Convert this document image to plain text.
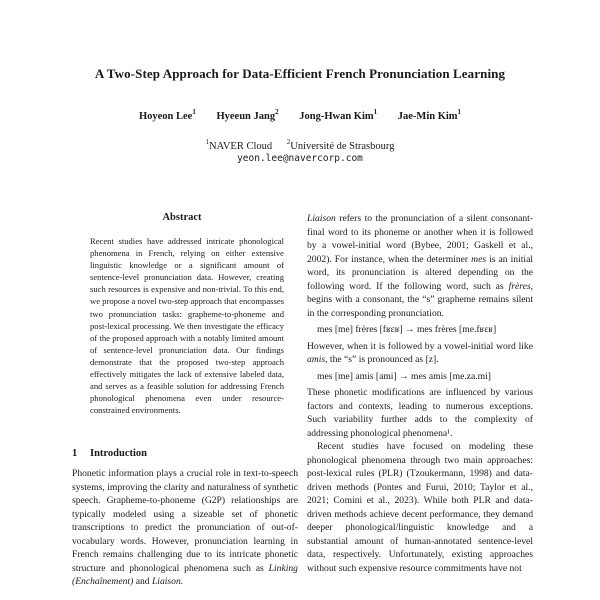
A Two-Step Approach for Data-Efficient French Pronunciation Learning
Hoyeon Lee$^1$ Hyeeun Jang$^2$ Jong-Hwan Kim$^1$ Jae-Min Kim$^1$
$^1$NAVER Cloud $^2$Université de Strasbourg
yeon.lee@navercorp.com
Abstract
Recent studies have addressed intricate phonological phenomena in French, relying on either extensive linguistic knowledge or a significant amount of sentence-level pronunciation data. However, creating such resources is expensive and non-trivial. To this end, we propose a novel two-step approach that encompasses two pronunciation tasks: grapheme-to-phoneme and post-lexical processing. We then investigate the efficacy of the proposed approach with a notably limited amount of sentence-level pronunciation data. Our findings demonstrate that the proposed two-step approach effectively mitigates the lack of extensive labeled data, and serves as a feasible solution for addressing French phonological phenomena even under resource-constrained environments.
1 Introduction
Phonetic information plays a crucial role in text-to-speech systems, improving the clarity and naturalness of synthetic speech. Grapheme-to-phoneme (G2P) relationships are typically modeled using a sizeable set of phonetic transcriptions to predict the pronunciation of out-of-vocabulary words. However, pronunciation learning in French remains challenging due to its intricate phonetic structure and phonological phenomena such as Linking (Enchaînement) and Liaison.

Liaison refers to the pronunciation of a silent consonant-final word to its phoneme or another when it is followed by a vowel-initial word (Bybee, 2001; Gaskell et al., 2002). For instance, when the determiner mes is an initial word, its pronunciation is altered depending on the following word. If the following word, such as frères, begins with a consonant, the “s” grapheme remains silent in the corresponding pronunciation.

mes [me] frères [fʁɛʁ] → mes frères [me.fʁɛʁ]

However, when it is followed by a vowel-initial word like amis, the “s” is pronounced as [z].

mes [me] amis [ami] → mes amis [me.za.mi]

These phonetic modifications are influenced by various factors and contexts, leading to numerous exceptions. Such variability further adds to the complexity of addressing phonological phenomena¹.

Recent studies have focused on modeling these phonological phenomena through two main approaches: post-lexical rules (PLR) (Tzoukermann, 1998) and data-driven methods (Pontes and Furui, 2010; Taylor et al., 2021; Comini et al., 2023). While both PLR and data-driven methods achieve decent performance, they demand deeper phonological/linguistic knowledge and a substantial amount of human-annotated sentence-level data, respectively. Unfortunately, existing approaches without such expensive resource commitments have not
